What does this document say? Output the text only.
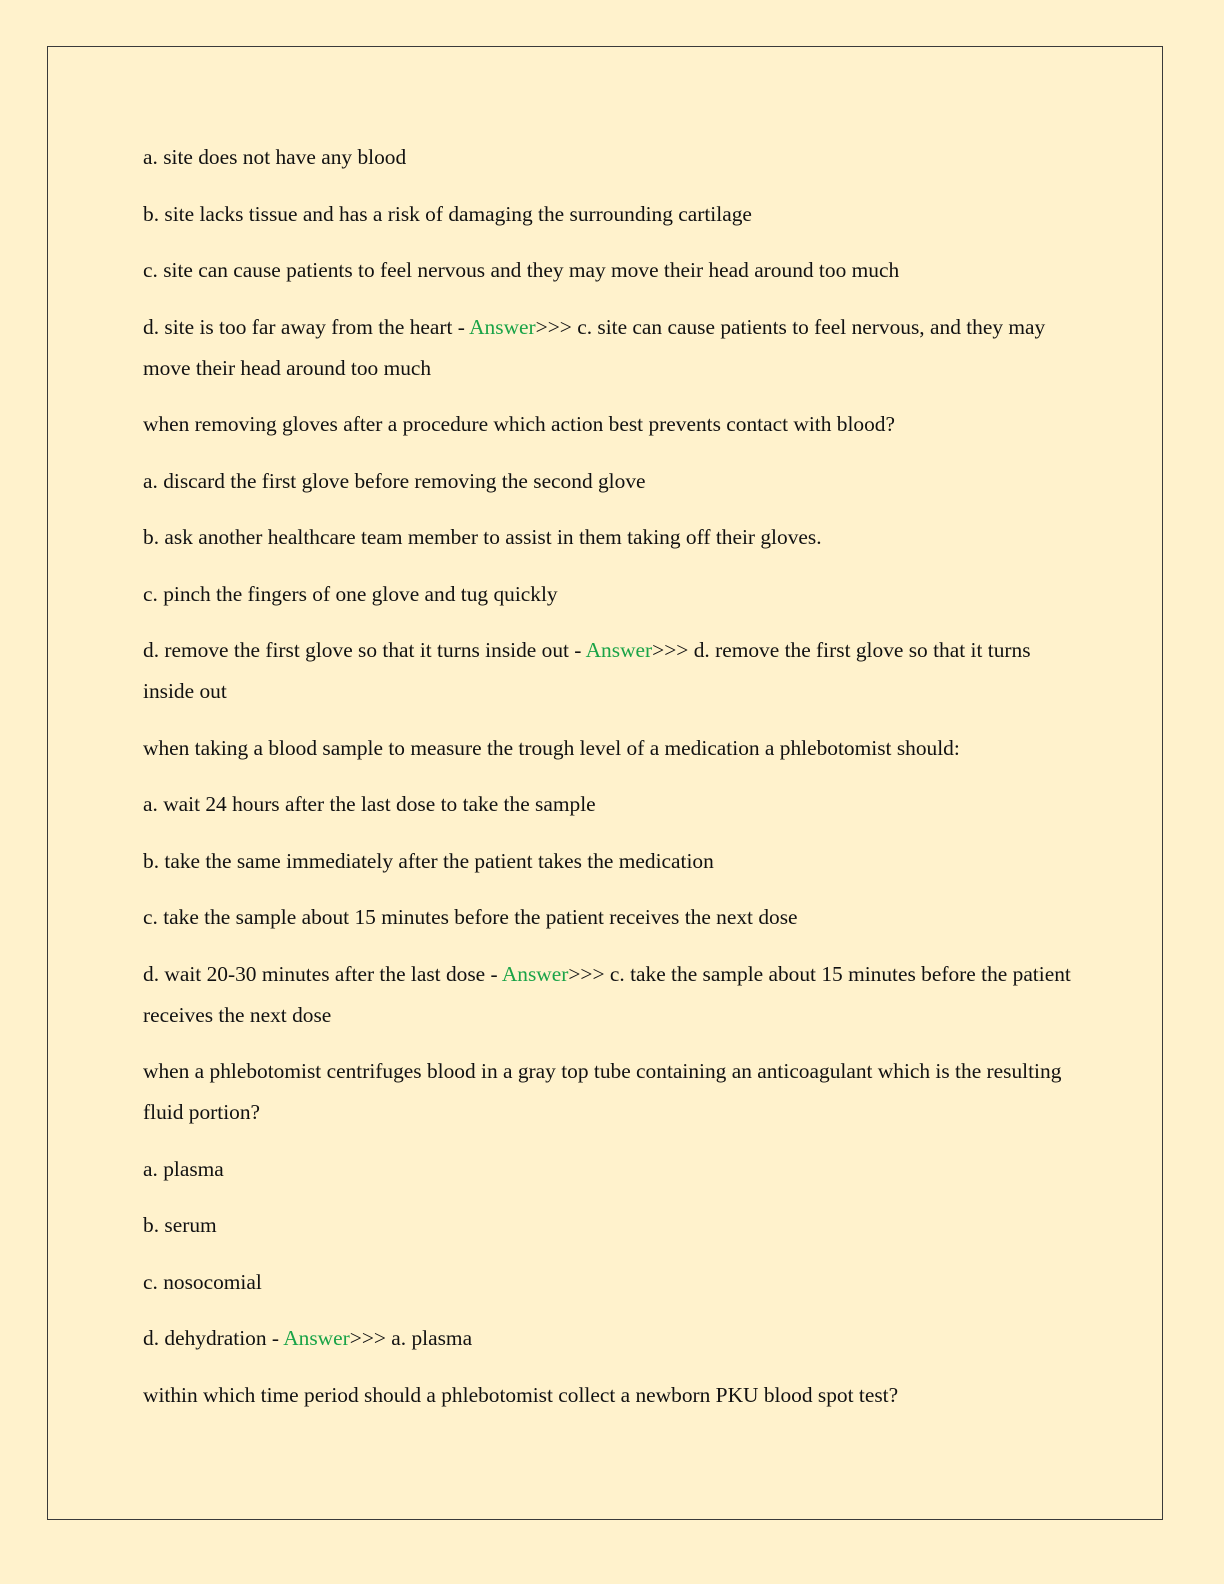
a. site does not have any blood

b. site lacks tissue and has a risk of damaging the surrounding cartilage

c. site can cause patients to feel nervous and they may move their head around too much

d. site is too far away from the heart - Answer>>> c. site can cause patients to feel nervous, and they may move their head around too much

when removing gloves after a procedure which action best prevents contact with blood?

a. discard the first glove before removing the second glove

b. ask another healthcare team member to assist in them taking off their gloves.

c. pinch the fingers of one glove and tug quickly

d. remove the first glove so that it turns inside out - Answer>>> d. remove the first glove so that it turns inside out

when taking a blood sample to measure the trough level of a medication a phlebotomist should:

a. wait 24 hours after the last dose to take the sample

b. take the same immediately after the patient takes the medication

c. take the sample about 15 minutes before the patient receives the next dose

d. wait 20-30 minutes after the last dose - Answer>>> c. take the sample about 15 minutes before the patient receives the next dose

when a phlebotomist centrifuges blood in a gray top tube containing an anticoagulant which is the resulting fluid portion?

a. plasma

b. serum

c. nosocomial

d. dehydration - Answer>>> a. plasma

within which time period should a phlebotomist collect a newborn PKU blood spot test?
